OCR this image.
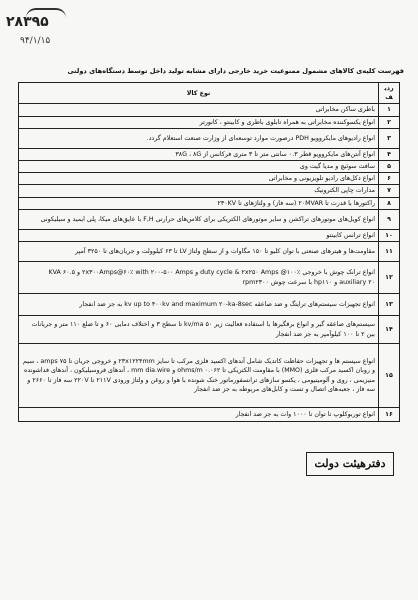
۲۸۳۹۵
۹۴/۱/۱۵
فهرست کلیه‌ی کالاهای مشمول ممنوعیت خرید خارجی دارای مشابه تولید داخل توسط دستگاه‌های دولتی
ردیف	نوع کالا
۱	باطری ساکن مخابراتی
۲	انواع یکسوکننده مخابراتی به همراه تابلوی باطری و کابینتو ، کانورتر
۳	انواع رادیوهای مایکروویو PDH درصورت موارد توسعه‌ای از وزارت صنعت استعلام گردد.
۴	انواع آنتن‌های مایکروویو قطر ۰.۳ سانتی متر تا ۳ متری فرکانس از ۳۸G ، ۸G
۵	سافت سوئیچ و مدیا گیت وی
۶	انواع دکل‌های رادیو تلویزیونی و مخابراتی
۷	مدارات چاپی الکترونیک
۸	راکتورها با قدرت تا ۲۰MVAR (سه فاز) و ولتاژهای تا ۲۳۰KV
۹	انواع کویل‌های موتورهای تراکشن و سایر موتورهای الکتریکی برای کلاس‌های حرارتی F,H با عایق‌های میکا، پلی ایمید و سیلیکونی
۱۰	انواع ترانس کابینتو
۱۱	مقاومت‌ها و هیترهای صنعتی با توان کلیو تا ۱۵۰ مگاوات و از سطح ولتاژ LV تا ۶۳ کیلوولت و جریان‌های تا ۳۲۵۰ آمپر
۱۲	انواع ترانک چوش با خروجی duty cycle & ۲x۲۵۰ Amps @۱۰۰٪ و ۲x۳۰۰Amps@۶۰٪ with ۲۰۰-۵۰۰ Amps و ۶۰.۵ KVA auxiliary ۲۰ و hp۱۱۰ با سرعت چوش rpm۲۳۰۰
۱۳	انواع تجهیزات سیستم‌های ترایتگ و ضد صاعقه kv up to ۴۰۰kv and maximum ۲۰-ka-8sec به جز ضد انفجار
۱۴	سیستم‌های صاعقه گیر و انواع برقگیرها با استفاده فعالیت زیر kv/ma ۵۰ تا سطح ۳ و اختلاف دمایی ۶۰ و تا ضلع ۱۱۰ متر و جریانات بین ۲ تا ۱۰۰ کیلوآمپر به جز ضد انفجار
۱۵	انواع سیستم ها و تجهیزات حفاظت کاتدیک شامل آندهای اکسید فلزی مرکب تا سایز ۲۳x۱۲۲۴mm و خروجی جریان تا ۷۵ amps ، سیم و روبان اکسید مرکب فلزی (MMO) با مقاومت الکتریکی تا ۰.۰۶۲ ohms/m و mm dia.wire ، آندهای فروسیلیکون ، آندهای فداشونده منیزیمی ، روی و آلومینیومی ، یکسو سازهای ترانسفورماتور خنک شونده با هوا و روغن و ولتاژ ورودی ۲۱۱V تا ۲۲۰V سه فاز تا ۲۶۶۰ و سه فاز ، جعبه‌های اتصال و تست و کابل‌های مربوطه به جز ضد انفجار
۱۶	انواع توربوکلوپ تا توان تا ۱۰۰۰ وات به جز ضد انفجار
دفترهیئت دولت
